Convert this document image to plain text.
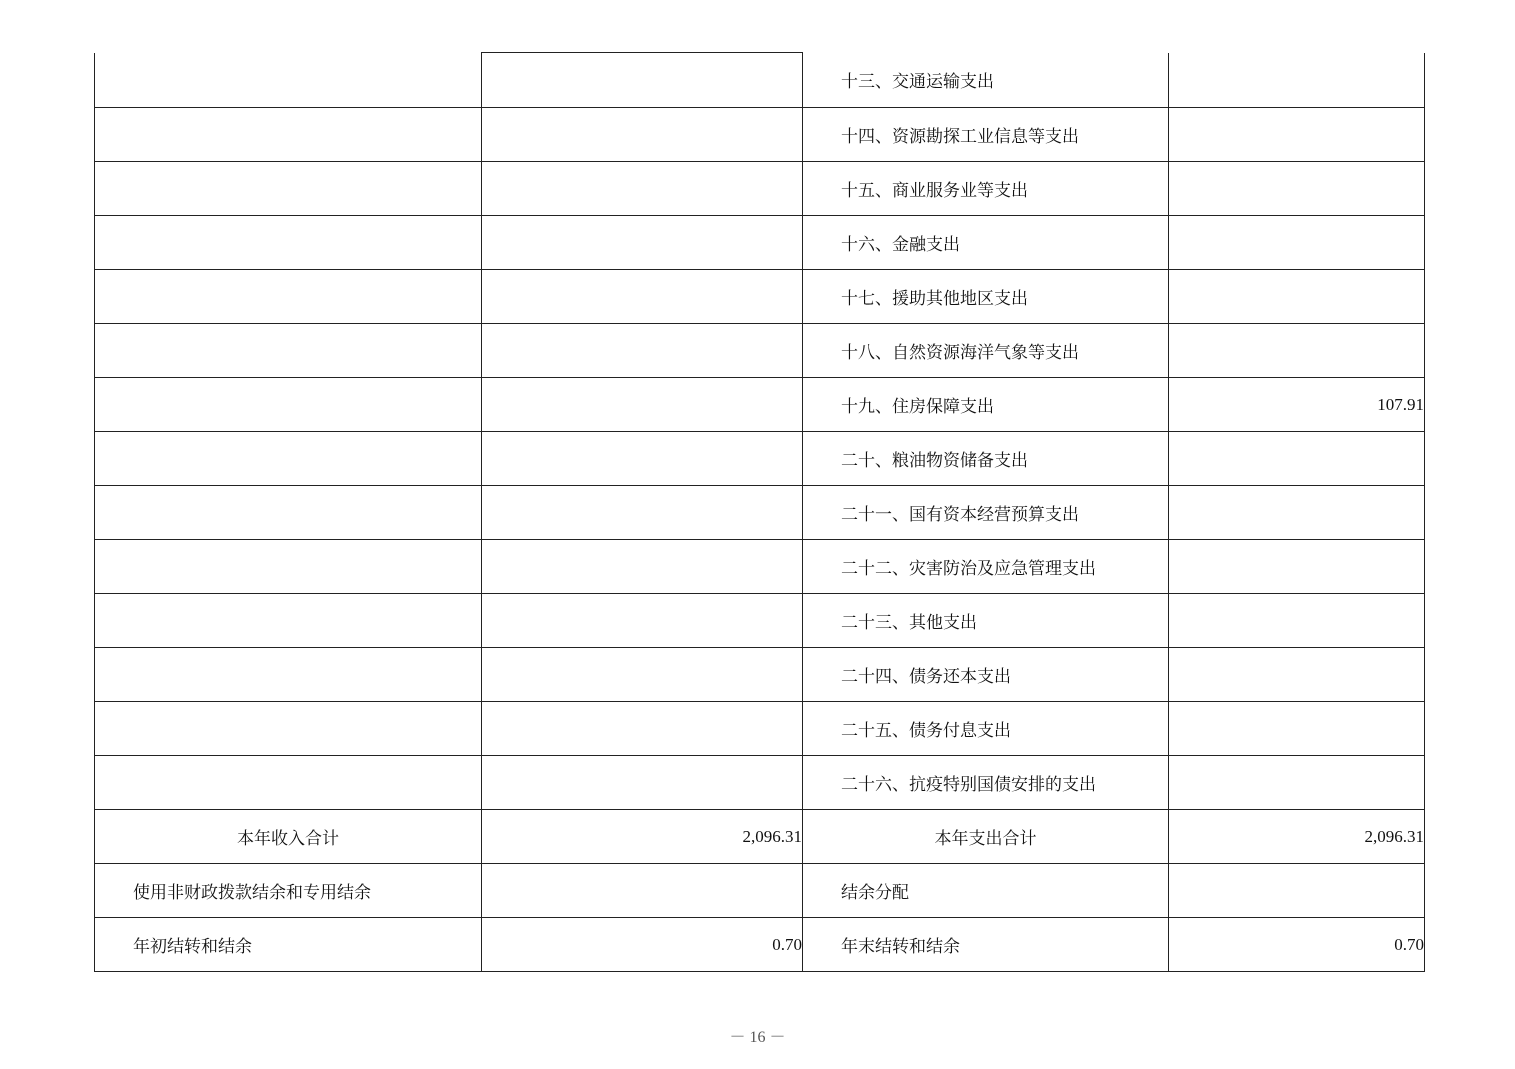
		十三、交通运输支出	
		十四、资源勘探工业信息等支出	
		十五、商业服务业等支出	
		十六、金融支出	
		十七、援助其他地区支出	
		十八、自然资源海洋气象等支出	
		十九、住房保障支出	107.91
		二十、粮油物资储备支出	
		二十一、国有资本经营预算支出	
		二十二、灾害防治及应急管理支出	
		二十三、其他支出	
		二十四、债务还本支出	
		二十五、债务付息支出	
		二十六、抗疫特别国债安排的支出	
本年收入合计	2,096.31	本年支出合计	2,096.31
使用非财政拨款结余和专用结余		结余分配	
年初结转和结余	0.70	年末结转和结余	0.70
－ 16 －
